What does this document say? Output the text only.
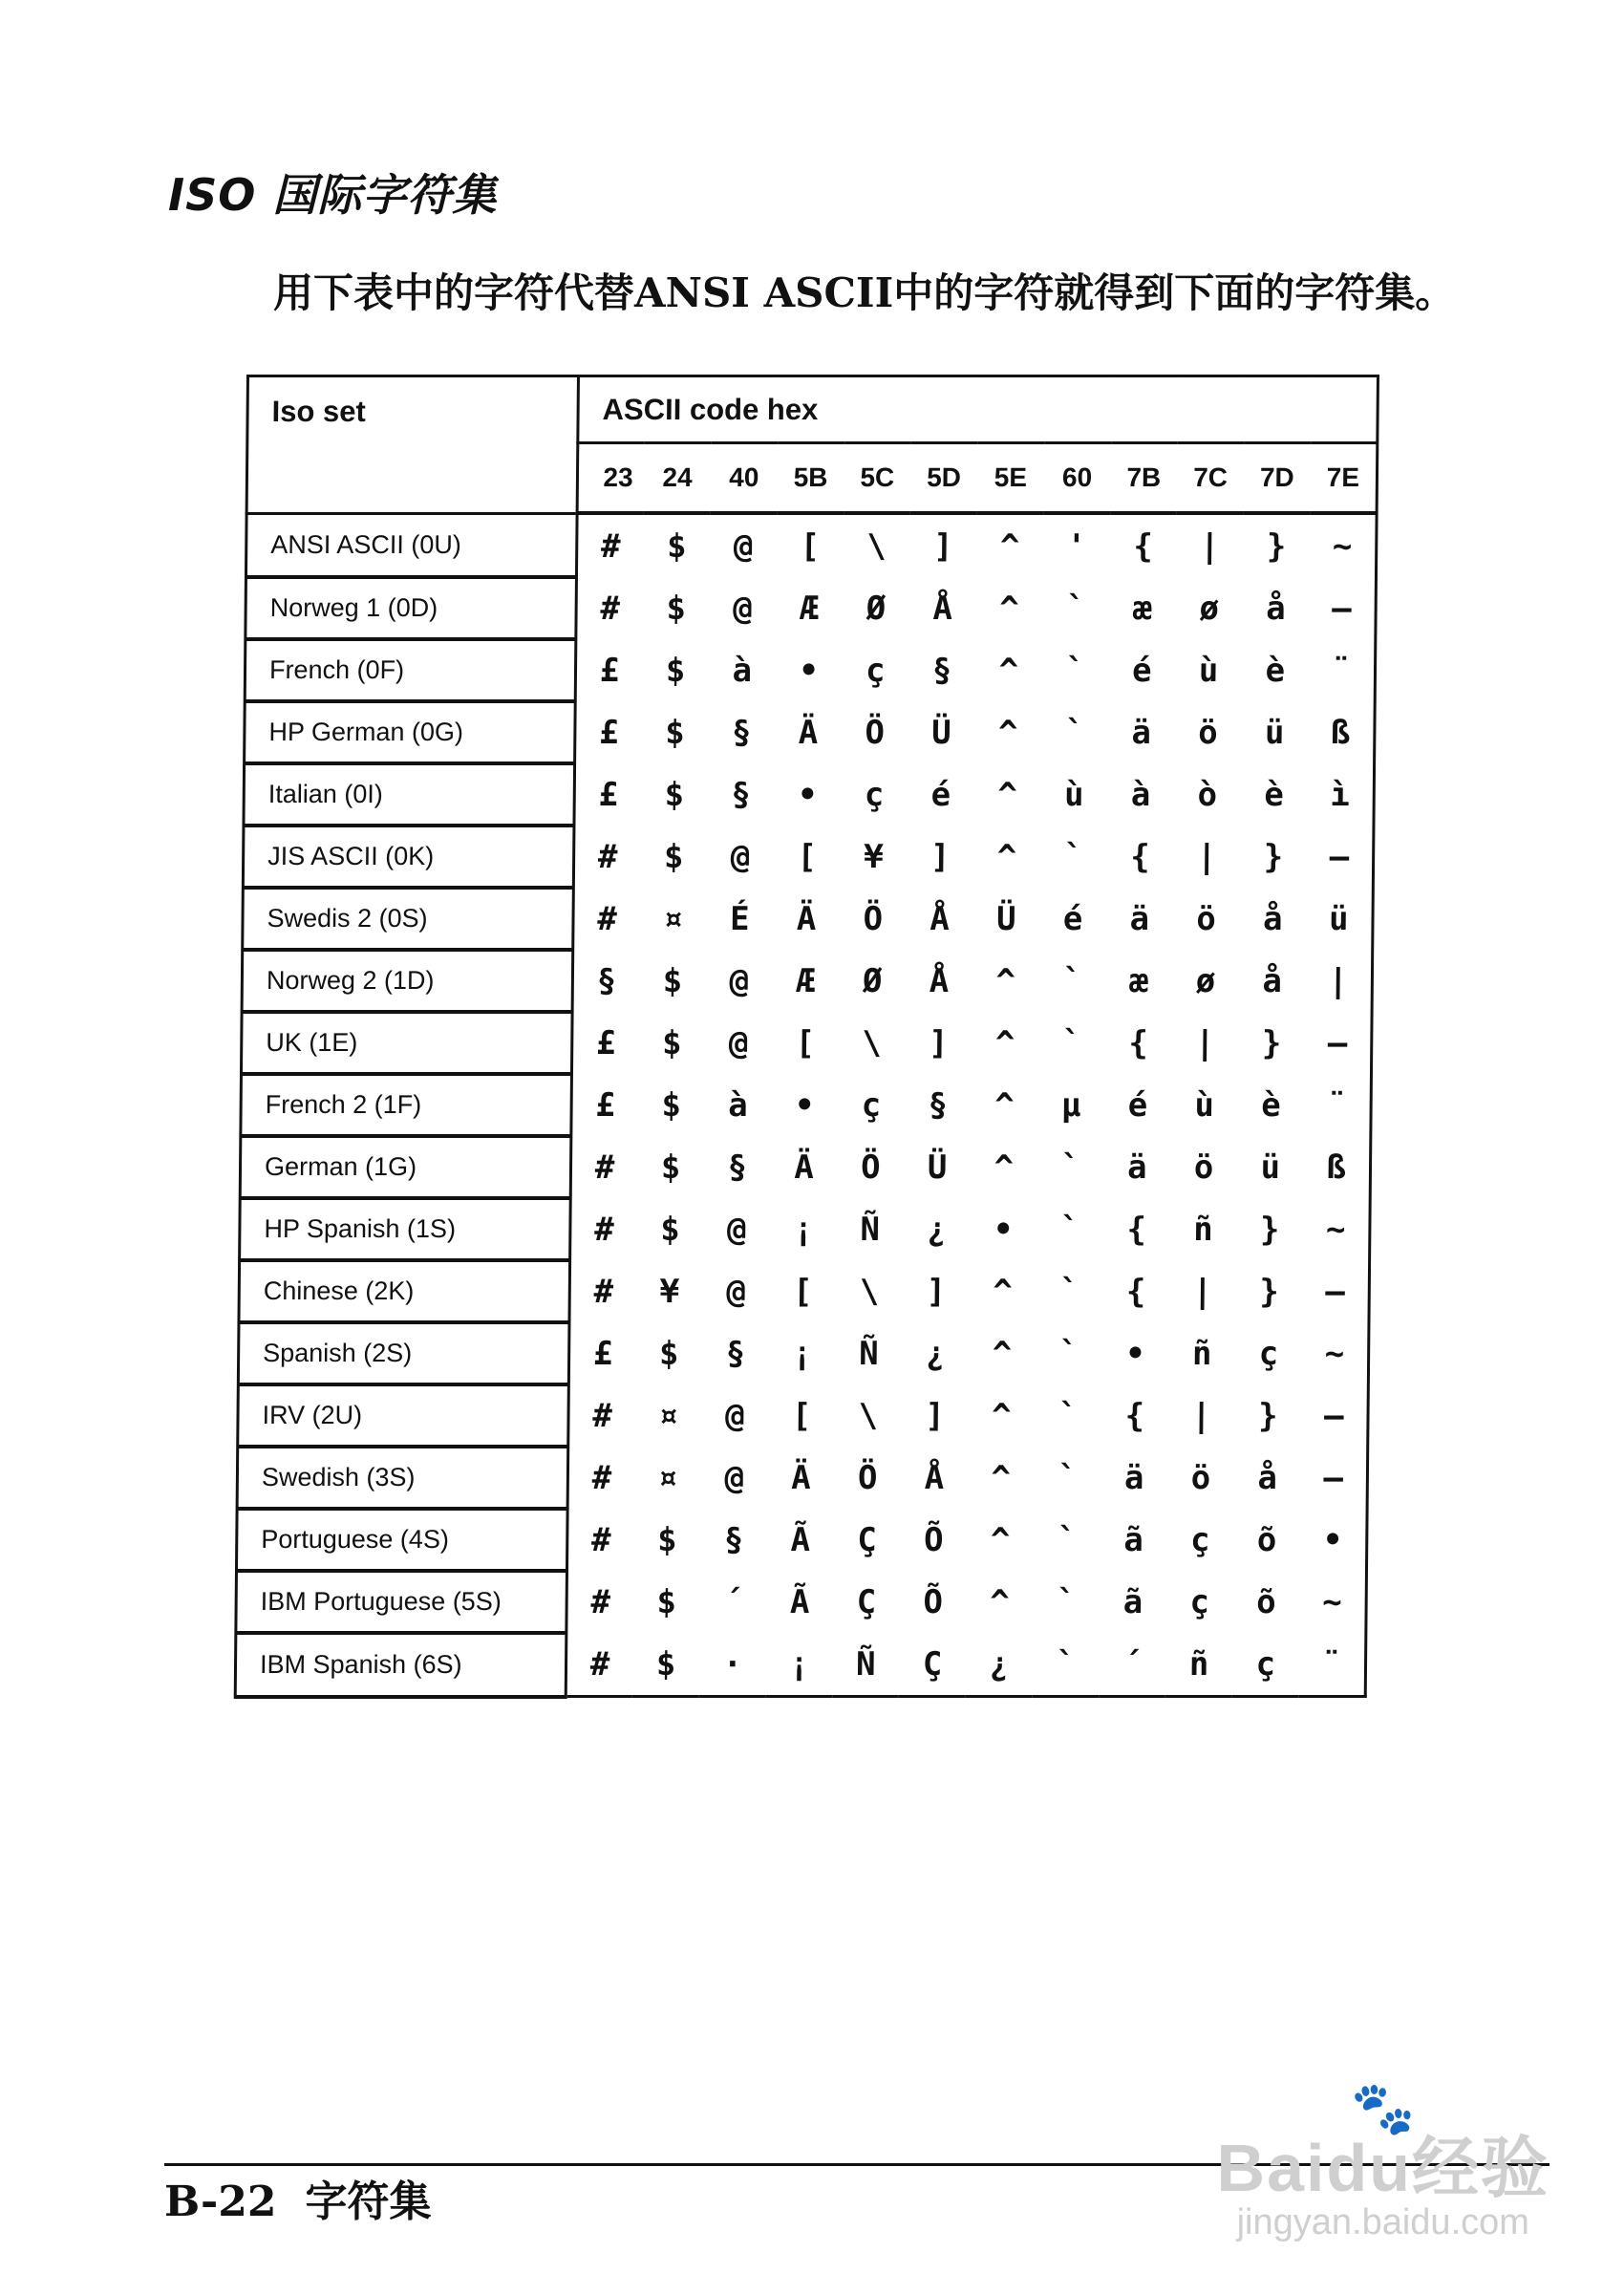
ISO 国际字符集
用下表中的字符代替ANSI ASCII中的字符就得到下面的字符集。
Iso set	ASCII code hex											
	23	24	40	5B	5C	5D	5E	60	7B	7C	7D	7E
ANSI ASCII (0U)	#	$	@	[	\	]	^	'	{	|	}	~
Norweg 1 (0D)	#	$	@	Æ	Ø	Å	^	`	æ	ø	å	—
French (0F)	£	$	à	•	ç	§	^	`	é	ù	è	¨
HP German (0G)	£	$	§	Ä	Ö	Ü	^	`	ä	ö	ü	ß
Italian (0I)	£	$	§	•	ç	é	^	ù	à	ò	è	ì
JIS ASCII (0K)	#	$	@	[	¥	]	^	`	{	|	}	—
Swedis 2 (0S)	#	¤	É	Ä	Ö	Å	Ü	é	ä	ö	å	ü
Norweg 2 (1D)	§	$	@	Æ	Ø	Å	^	`	æ	ø	å	|
UK (1E)	£	$	@	[	\	]	^	`	{	|	}	—
French 2 (1F)	£	$	à	•	ç	§	^	µ	é	ù	è	¨
German (1G)	#	$	§	Ä	Ö	Ü	^	`	ä	ö	ü	ß
HP Spanish (1S)	#	$	@	¡	Ñ	¿	•	`	{	ñ	}	~
Chinese (2K)	#	¥	@	[	\	]	^	`	{	|	}	—
Spanish (2S)	£	$	§	¡	Ñ	¿	^	`	•	ñ	ç	~
IRV (2U)	#	¤	@	[	\	]	^	`	{	|	}	—
Swedish (3S)	#	¤	@	Ä	Ö	Å	^	`	ä	ö	å	—
Portuguese (4S)	#	$	§	Ã	Ç	Õ	^	`	ã	ç	õ	•
IBM Portuguese (5S)	#	$	´	Ã	Ç	Õ	^	`	ã	ç	õ	~
IBM Spanish (6S)	#	$	·	¡	Ñ	Ç	¿	`	´	ñ	ç	¨
B-22 字符集
🐾
Baidu经验
jingyan.baidu.com
